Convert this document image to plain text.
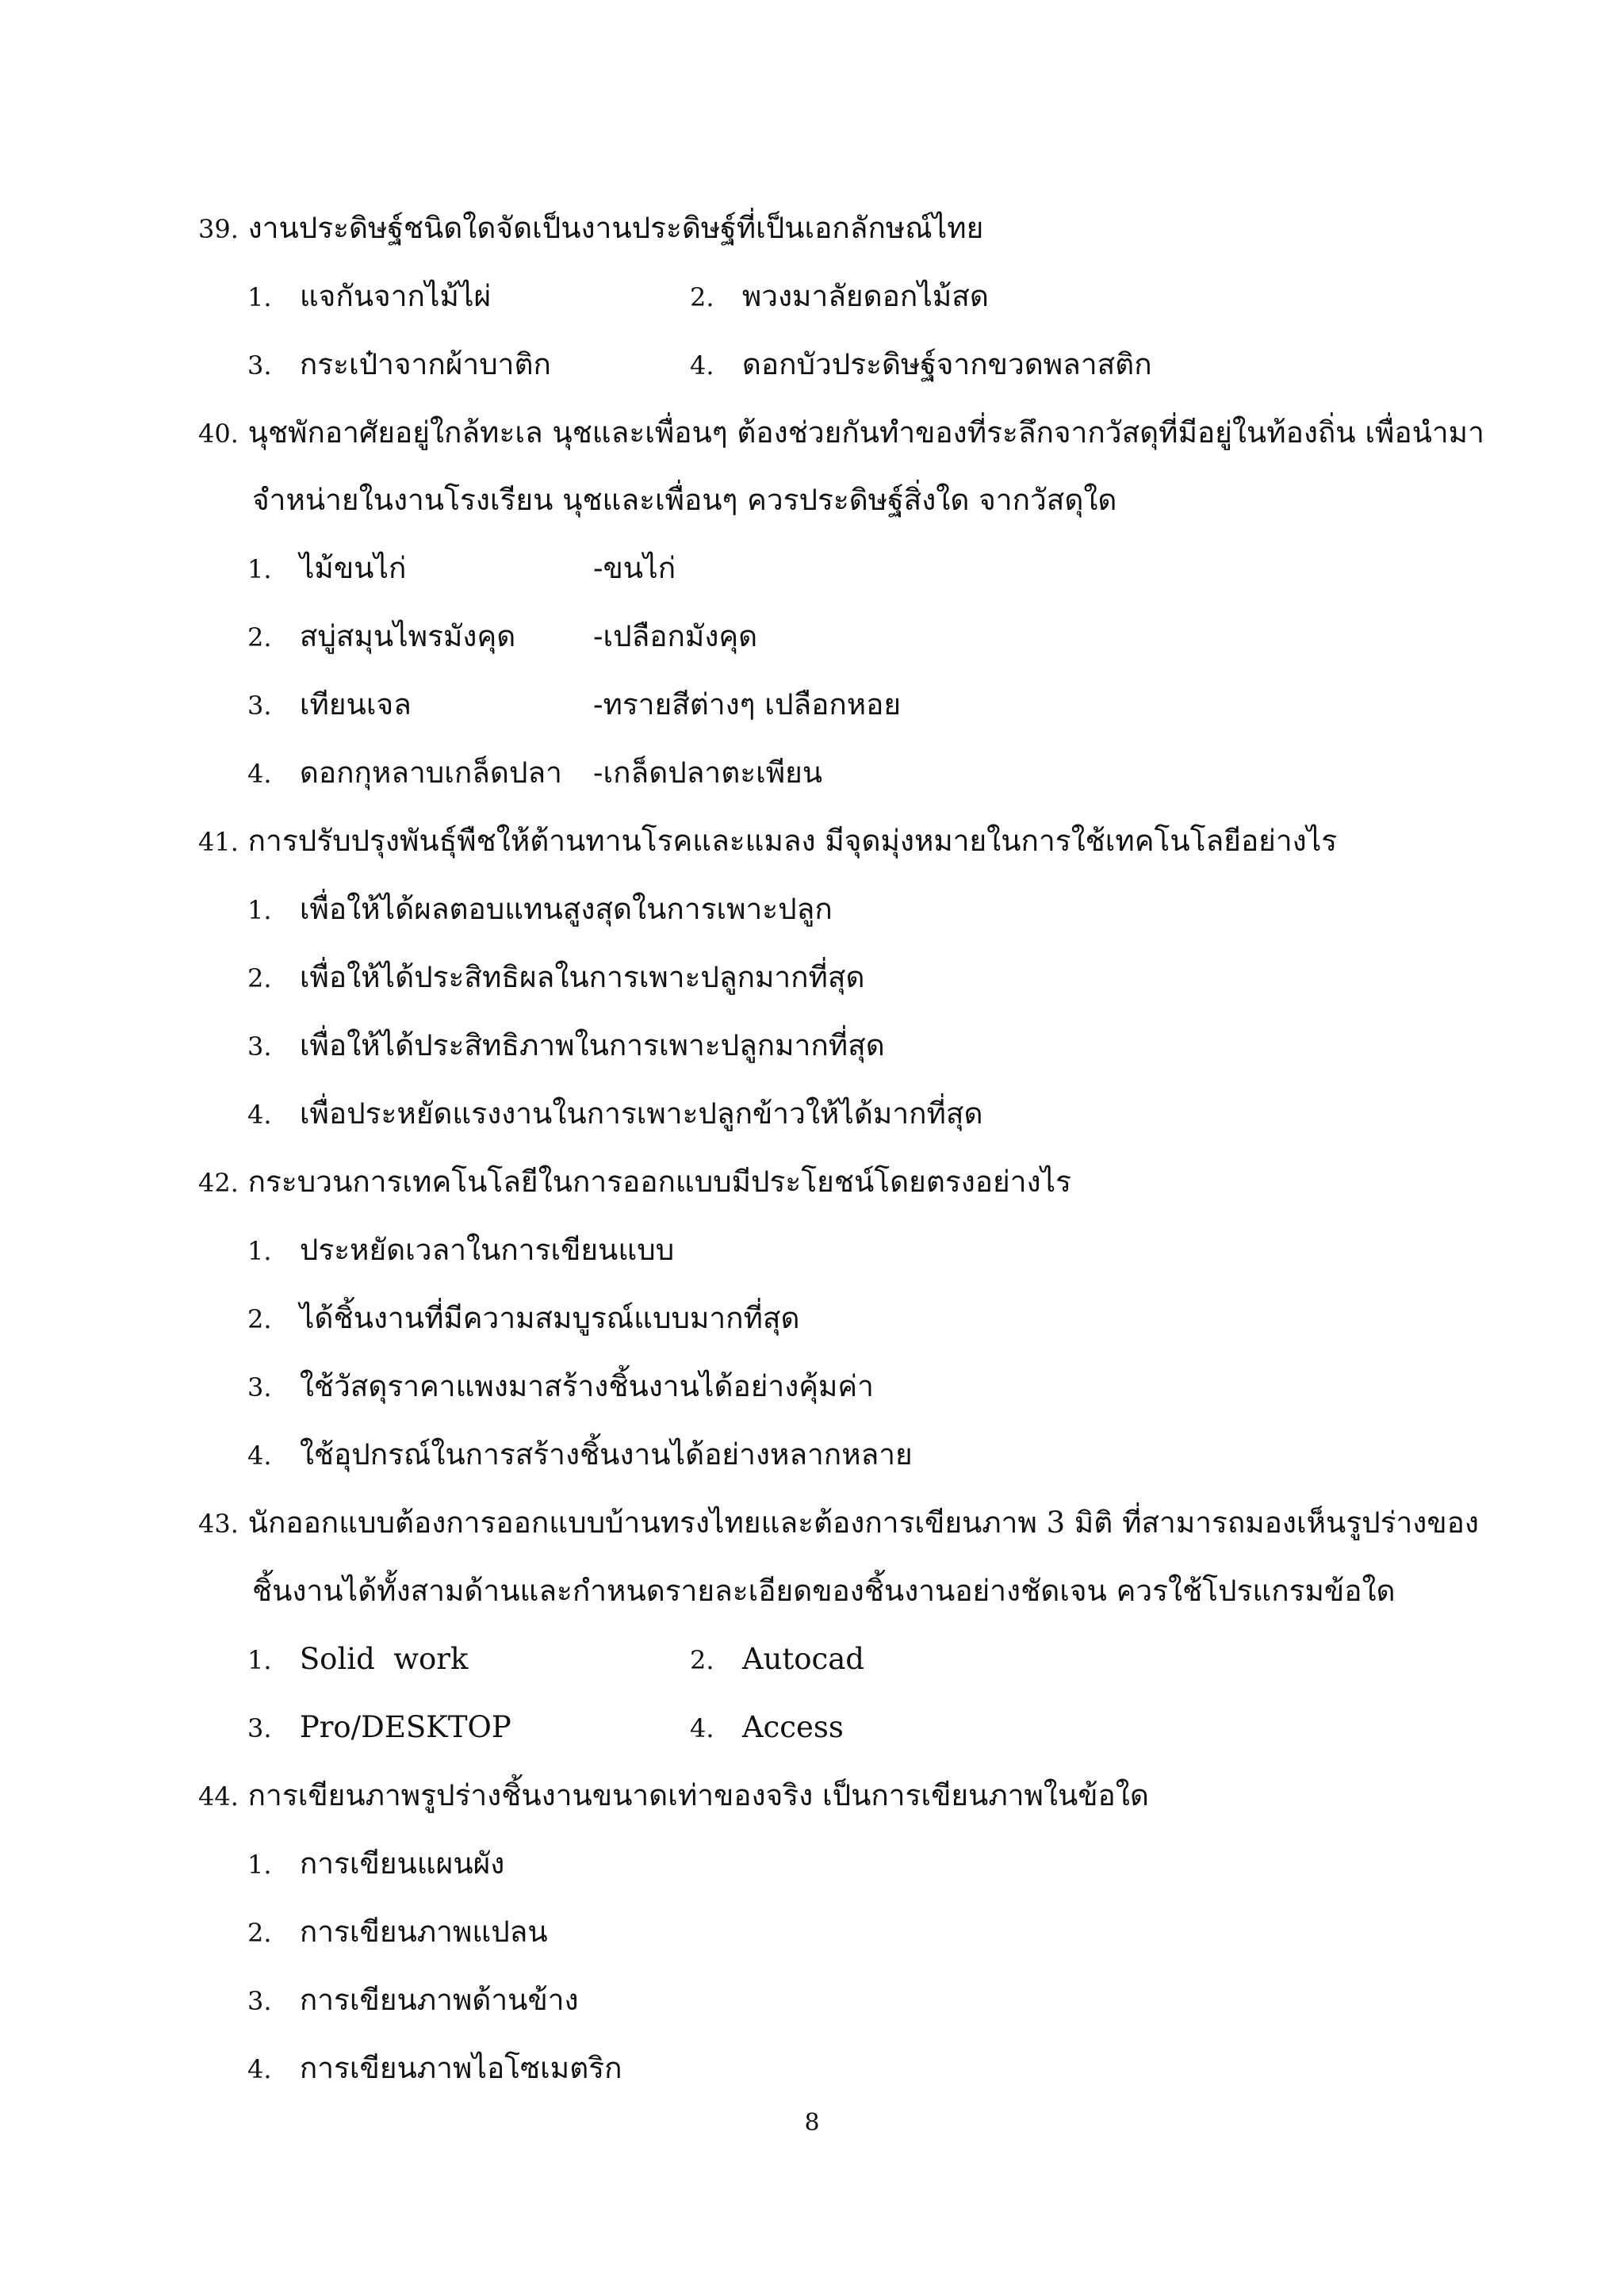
39. งานประดิษฐ์ชนิดใดจัดเป็นงานประดิษฐ์ที่เป็นเอกลักษณ์ไทย
1. แจกันจากไม้ไผ่	2. พวงมาลัยดอกไม้สด
3. กระเป๋าจากผ้าบาติก	4. ดอกบัวประดิษฐ์จากขวดพลาสติก
40. นุชพักอาศัยอยู่ใกล้ทะเล นุชและเพื่อนๆ ต้องช่วยกันทำของที่ระลึกจากวัสดุที่มีอยู่ในท้องถิ่น เพื่อนำมา
จำหน่ายในงานโรงเรียน นุชและเพื่อนๆ ควรประดิษฐ์สิ่งใด จากวัสดุใด
1. ไม้ขนไก่	-ขนไก่
2. สบู่สมุนไพรมังคุด	-เปลือกมังคุด
3. เทียนเจล	-ทรายสีต่างๆ เปลือกหอย
4. ดอกกุหลาบเกล็ดปลา -เกล็ดปลาตะเพียน
41. การปรับปรุงพันธุ์พืชให้ต้านทานโรคและแมลง มีจุดมุ่งหมายในการใช้เทคโนโลยีอย่างไร
1. เพื่อให้ได้ผลตอบแทนสูงสุดในการเพาะปลูก
2. เพื่อให้ได้ประสิทธิผลในการเพาะปลูกมากที่สุด
3. เพื่อให้ได้ประสิทธิภาพในการเพาะปลูกมากที่สุด
4. เพื่อประหยัดแรงงานในการเพาะปลูกข้าวให้ได้มากที่สุด
42. กระบวนการเทคโนโลยีในการออกแบบมีประโยชน์โดยตรงอย่างไร
1. ประหยัดเวลาในการเขียนแบบ
2. ได้ชิ้นงานที่มีความสมบูรณ์แบบมากที่สุด
3. ใช้วัสดุราคาแพงมาสร้างชิ้นงานได้อย่างคุ้มค่า
4. ใช้อุปกรณ์ในการสร้างชิ้นงานได้อย่างหลากหลาย
43. นักออกแบบต้องการออกแบบบ้านทรงไทยและต้องการเขียนภาพ 3 มิติ ที่สามารถมองเห็นรูปร่างของ
ชิ้นงานได้ทั้งสามด้านและกำหนดรายละเอียดของชิ้นงานอย่างชัดเจน ควรใช้โปรแกรมข้อใด
1. Solid  work	2. Autocad
3. Pro/DESKTOP	4. Access
44. การเขียนภาพรูปร่างชิ้นงานขนาดเท่าของจริง เป็นการเขียนภาพในข้อใด
1. การเขียนแผนผัง
2. การเขียนภาพแปลน
3. การเขียนภาพด้านข้าง
4. การเขียนภาพไอโซเมตริก
8
